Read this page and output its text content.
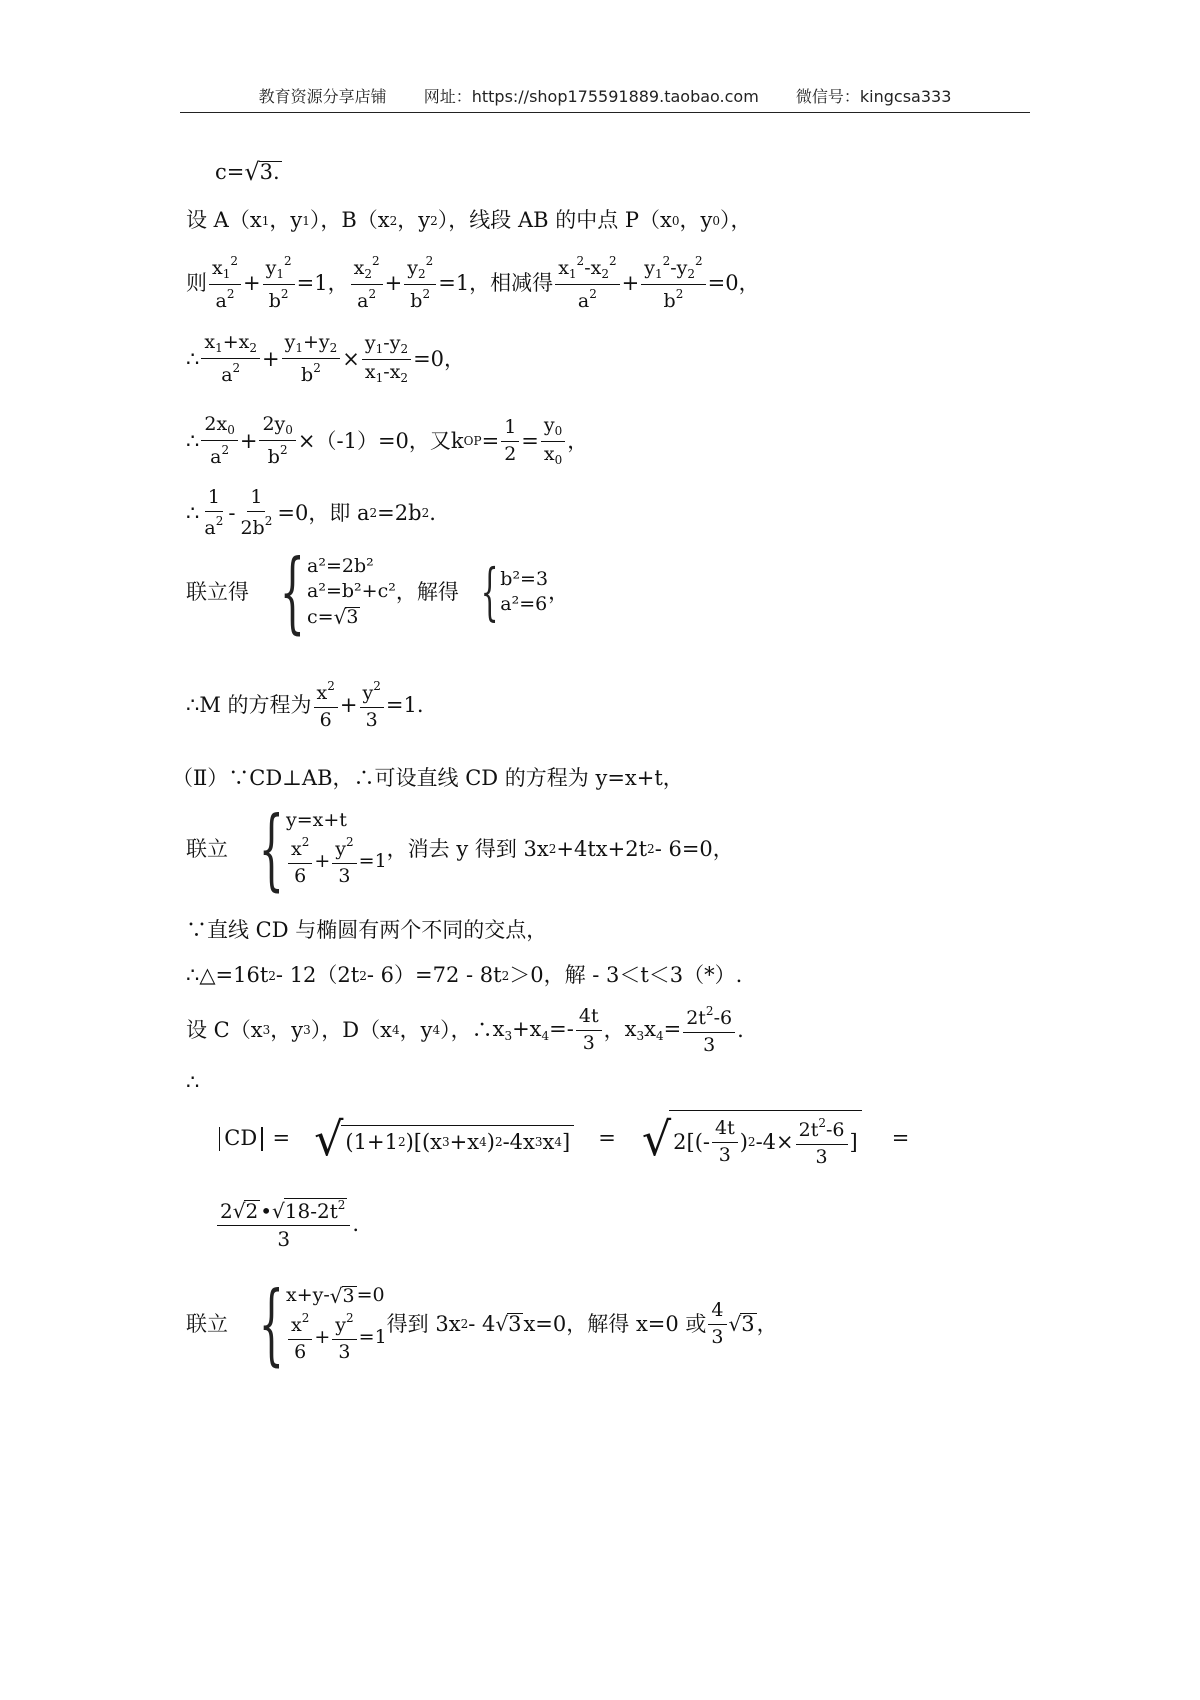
教育资源分享店铺 网址：https://shop175591889.taobao.com 微信号：kingcsa333
c= √ 3.
设 A（x 1 ，y 1 ），B（x 2 ，y 2 ），线段 AB 的中点 P（x 0 ，y 0 ），
则 $\frac{x_1^2}{a^2} + \frac{y_1^2}{b^2} =1$， $\frac{x_2^2}{a^2} + \frac{y_2^2}{b^2} =1$，相减得 $\frac{x_1^2-x_2^2}{a^2} + \frac{y_1^2-y_2^2}{b^2} =0$，
∴ $\frac{x_1+x_2}{a^2} + \frac{y_1+y_2}{b^2} \times \frac{y_1-y_2}{x_1-x_2} =0$，
∴ $\frac{2x_0}{a^2} + \frac{2y_0}{b^2} \times(-1)=0$，又 k OP = $\frac{1}{2} = \frac{y_0}{x_0}$ ，
∴ $\frac{1}{a^2} - \frac{1}{2b^2} =0$，即 a 2 =2b 2 .
联立得 { a²=2b²
a²=b²+c²
c= √ 3
，解得 { b²=3
a²=6
，
∴M 的方程为 $\frac{x^2}{6} + \frac{y^2}{3} =1$.
（Ⅱ）∵CD⊥AB，∴可设直线 CD 的方程为 y=x+t，
联立 { y=x+t
$\frac{x^2}{6} + \frac{y^2}{3} =1$
，消去 y 得到 3x 2 +4tx+2t 2 - 6=0，
∵直线 CD 与椭圆有两个不同的交点，
∴△=16t 2 - 12（2t 2 - 6）=72 - 8t 2 ＞0，解 - 3＜t＜3（*）.
设 C（x 3 ，y 3 ），D（x 4 ，y 4 ），∴ $x_3+x_4=- \frac{4t}{3}$ ， $x_3x_4= \frac{2t^2-6}{3}$ .
∴
CD = √ (1+1 2 )[(x 3 +x 4 ) 2 -4x 3 x 4 ] = √ $2[(- \frac{4t}{3}$ ) 2 $-4\times \frac{2t^2-6}{3}$ ] =
$\frac{2√2 •√18-2t^2}{3}$ .
联立 { x+y- √ 3 =0
$\frac{x^2}{6} + \frac{y^2}{3} =1$
得到 3x 2 - 4 √ 3 x=0，解得 x=0 或 $\frac{4}{3}$ √ 3 ，
